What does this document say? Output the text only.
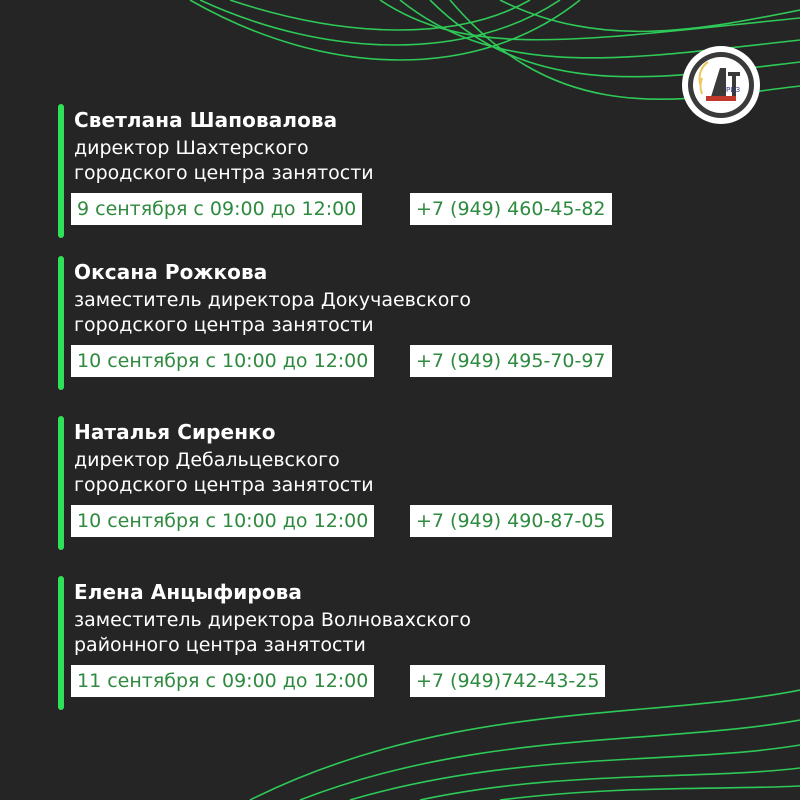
РЦЗ
Светлана Шаповалова
директор Шахтерского
городского центра занятости
9 сентября с 09:00 до 12:00	+7 (949) 460-45-82
Оксана Рожкова
заместитель директора Докучаевского
городского центра занятости
10 сентября с 10:00 до 12:00	+7 (949) 495-70-97
Наталья Сиренко
директор Дебальцевского
городского центра занятости
10 сентября с 10:00 до 12:00	+7 (949) 490-87-05
Елена Анцыфирова
заместитель директора Волновахского
районного центра занятости
11 сентября с 09:00 до 12:00	+7 (949)742-43-25
